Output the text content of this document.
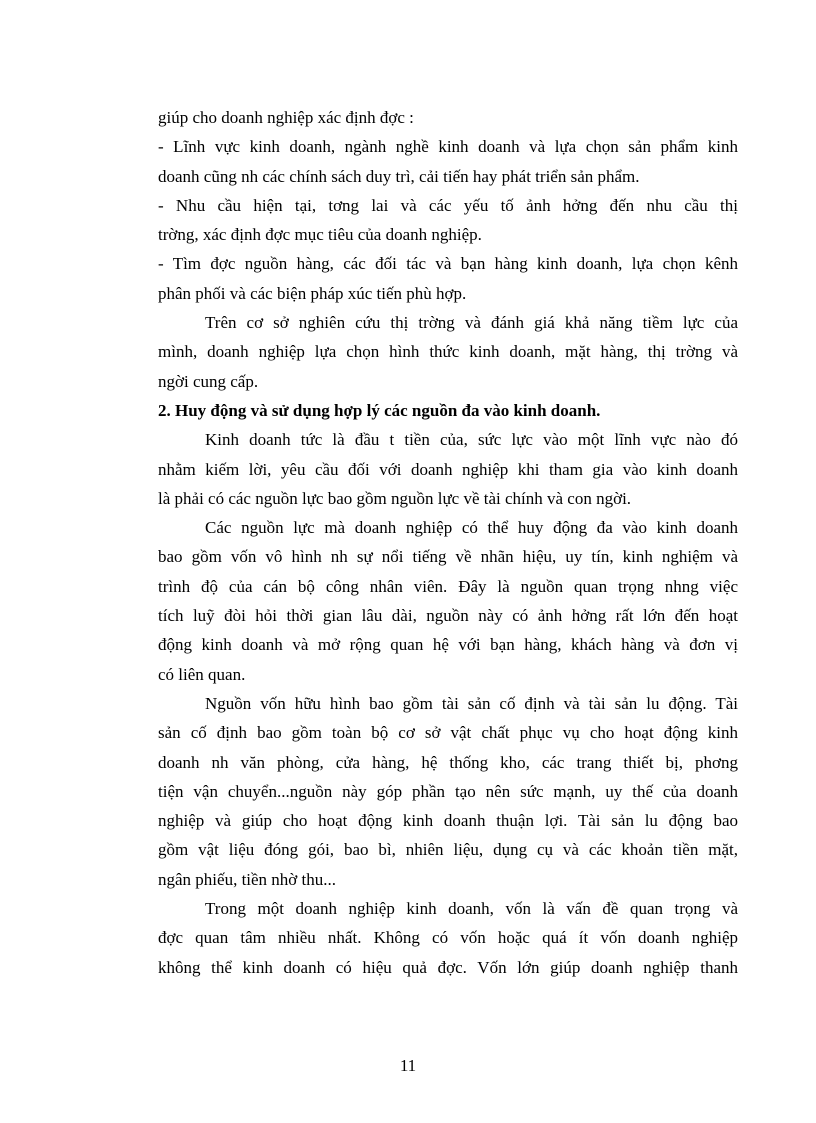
giúp cho doanh nghiệp xác định đợc :
- Lĩnh vực kinh doanh, ngành nghề kinh doanh và lựa chọn sản phẩm kinh
doanh cũng nh các chính sách duy trì, cải tiến hay phát triển sản phẩm.
- Nhu cầu hiện tại, tơng lai và các yếu tố ảnh hởng đến nhu cầu thị
trờng, xác định đợc mục tiêu của doanh nghiệp.
- Tìm đợc nguồn hàng, các đối tác và bạn hàng kinh doanh, lựa chọn kênh
phân phối và các biện pháp xúc tiến phù hợp.
Trên cơ sở nghiên cứu thị trờng và đánh giá khả năng tiềm lực của
mình, doanh nghiệp lựa chọn hình thức kinh doanh, mặt hàng, thị trờng và
ngời cung cấp.
2. Huy động và sử dụng hợp lý các nguồn đa vào kinh doanh.
Kinh doanh tức là đầu t tiền của, sức lực vào một lĩnh vực nào đó
nhằm kiếm lời, yêu cầu đối với doanh nghiệp khi tham gia vào kinh doanh
là phải có các nguồn lực bao gồm nguồn lực về tài chính và con ngời.
Các nguồn lực mà doanh nghiệp có thể huy động đa vào kinh doanh
bao gồm vốn vô hình nh sự nổi tiếng về nhãn hiệu, uy tín, kinh nghiệm và
trình độ của cán bộ công nhân viên. Đây là nguồn quan trọng nhng việc
tích luỹ đòi hỏi thời gian lâu dài, nguồn này có ảnh hởng rất lớn đến hoạt
động kinh doanh và mở rộng quan hệ với bạn hàng, khách hàng và đơn vị
có liên quan.
Nguồn vốn hữu hình bao gồm tài sản cố định và tài sản lu động. Tài
sản cố định bao gồm toàn bộ cơ sở vật chất phục vụ cho hoạt động kinh
doanh nh văn phòng, cửa hàng, hệ thống kho, các trang thiết bị, phơng
tiện vận chuyển...nguồn này góp phần tạo nên sức mạnh, uy thế của doanh
nghiệp và giúp cho hoạt động kinh doanh thuận lợi. Tài sản lu động bao
gồm vật liệu đóng gói, bao bì, nhiên liệu, dụng cụ và các khoản tiền mặt,
ngân phiếu, tiền nhờ thu...
Trong một doanh nghiệp kinh doanh, vốn là vấn đề quan trọng và
đợc quan tâm nhiều nhất. Không có vốn hoặc quá ít vốn doanh nghiệp
không thể kinh doanh có hiệu quả đợc. Vốn lớn giúp doanh nghiệp thanh
11
